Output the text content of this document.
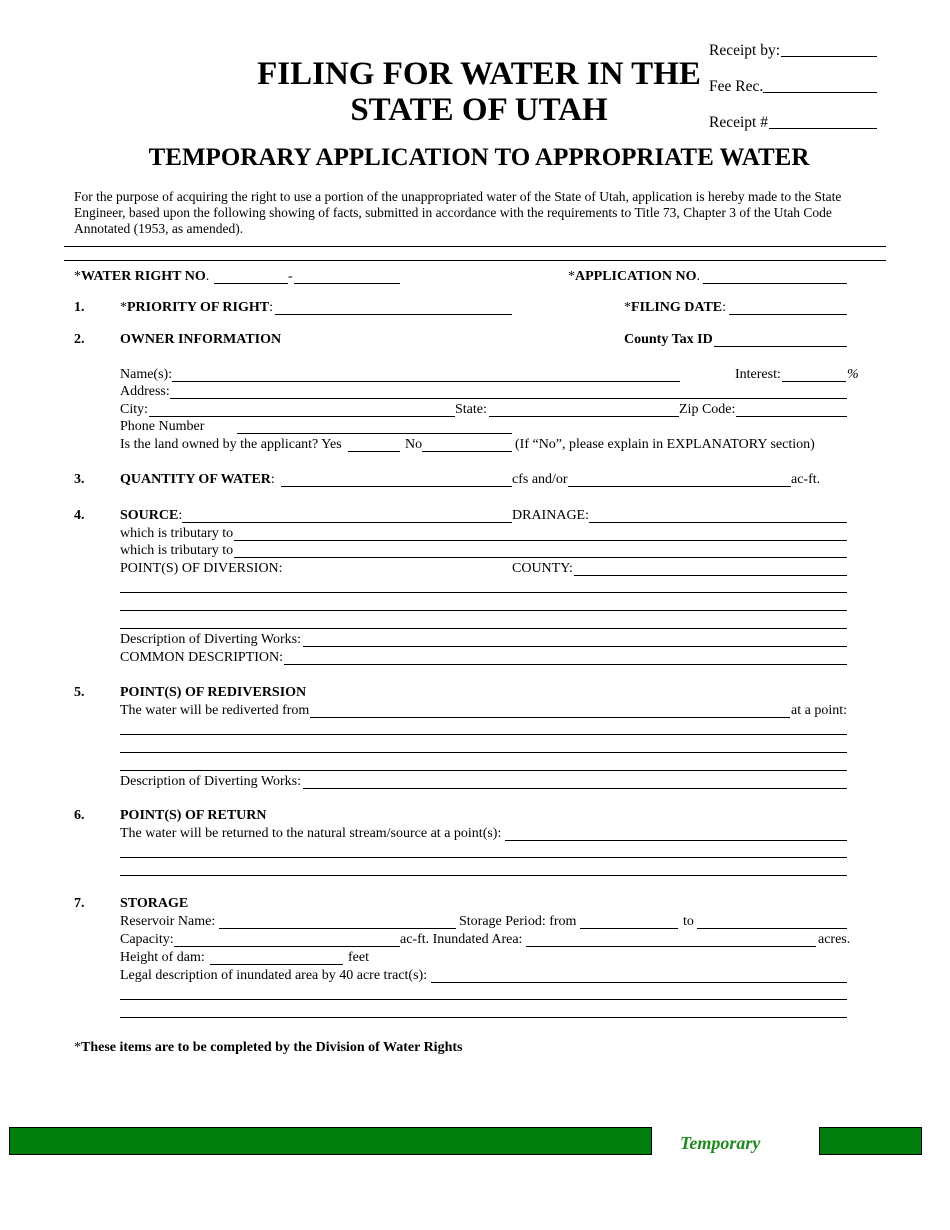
FILING FOR WATER IN THE
STATE OF UTAH
Receipt by:
Fee Rec.
Receipt #
TEMPORARY APPLICATION TO APPROPRIATE WATER
For the purpose of acquiring the right to use a portion of the unappropriated water of the State of Utah, application is hereby made to the State Engineer, based upon the following showing of facts, submitted in accordance with the requirements to Title 73, Chapter 3 of the Utah Code Annotated (1953, as amended).
*WATER RIGHT NO.	-	*APPLICATION NO.
1.	*PRIORITY OF RIGHT:	*FILING DATE:
2.	OWNER INFORMATION	County Tax ID
Name(s):	Interest:	%
Address:
City:	State:	Zip Code:
Phone Number
Is the land owned by the applicant? Yes	No	(If “No”, please explain in EXPLANATORY section)
3.	QUANTITY OF WATER:	cfs and/or	ac-ft.
4.	SOURCE:	DRAINAGE:
which is tributary to
which is tributary to
POINT(S) OF DIVERSION:	COUNTY:
Description of Diverting Works:
COMMON DESCRIPTION:
5.	POINT(S) OF REDIVERSION
The water will be rediverted from	at a point:
Description of Diverting Works:
6.	POINT(S) OF RETURN
The water will be returned to the natural stream/source at a point(s):
7.	STORAGE
Reservoir Name:	Storage Period: from	to
Capacity:	ac-ft. Inundated Area:	acres.
Height of dam:	feet
Legal description of inundated area by 40 acre tract(s):
*These items are to be completed by the Division of Water Rights
Temporary
